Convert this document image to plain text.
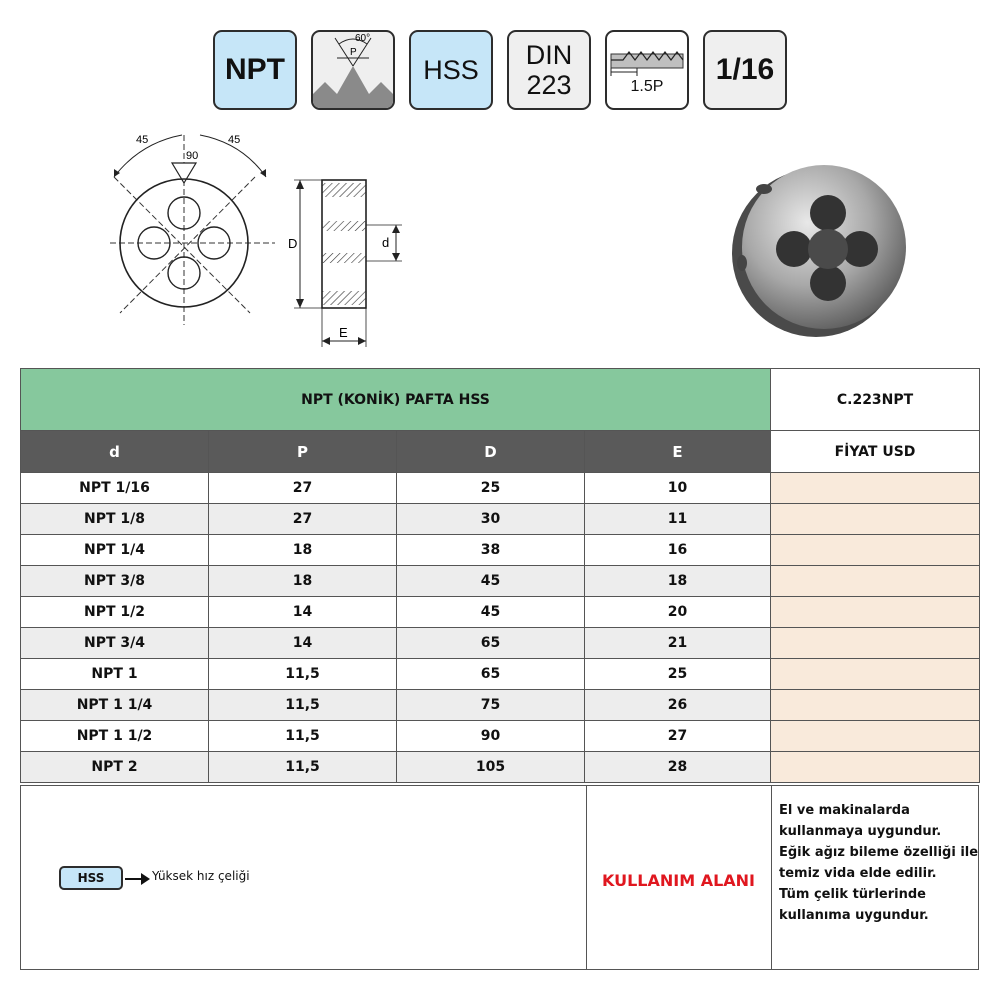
NPT
60°
P
HSS DIN
223	1.5P
1/16
45	45
90
D	d
E
NPT (KONİK) PAFTA HSS				C.223NPT
d	P	D	E	FİYAT USD
NPT 1/16	27	25	10	
NPT 1/8	27	30	11	
NPT 1/4	18	38	16	
NPT 3/8	18	45	18	
NPT 1/2	14	45	20	
NPT 3/4	14	65	21	
NPT 1	11,5	65	25	
NPT 1 1/4	11,5	75	26	
NPT 1 1/2	11,5	90	27	
NPT 2	11,5	105	28	
HSS	Yüksek hız çeliği	KULLANIM ALANI
El ve makinalarda
kullanmaya uygundur.
Eğik ağız bileme özelliği ile
temiz vida elde edilir.
Tüm çelik türlerinde
kullanıma uygundur.
